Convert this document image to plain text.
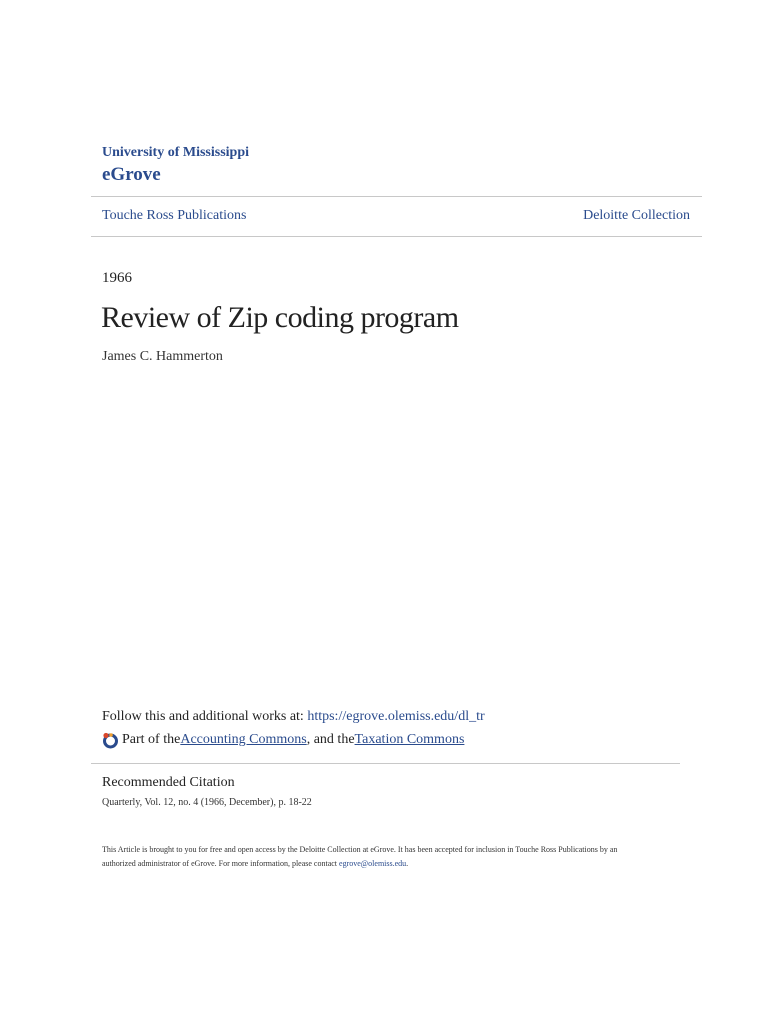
University of Mississippi
eGrove
Touche Ross Publications	Deloitte Collection
1966
Review of Zip coding program
James C. Hammerton
Follow this and additional works at: https://egrove.olemiss.edu/dl_tr
Part of the Accounting Commons , and the Taxation Commons
Recommended Citation
Quarterly, Vol. 12, no. 4 (1966, December), p. 18-22
This Article is brought to you for free and open access by the Deloitte Collection at eGrove. It has been accepted for inclusion in Touche Ross Publications by an authorized administrator of eGrove. For more information, please contact egrove@olemiss.edu.
